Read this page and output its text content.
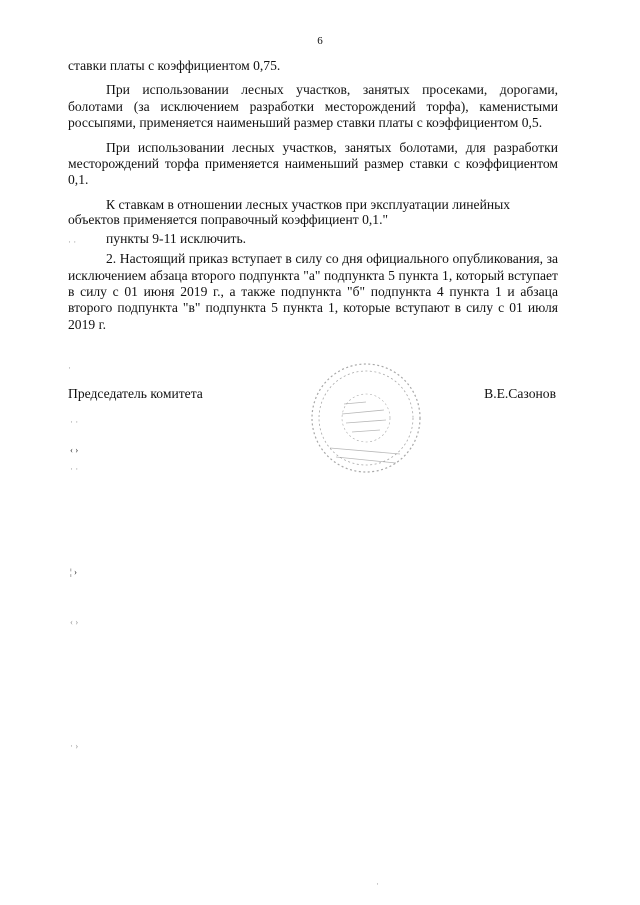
6

ставки платы с коэффициентом 0,75.

При использовании лесных участков, занятых просеками, дорогами, болотами (за исключением разработки месторождений торфа), каменистыми россыпями, применяется наименьший размер ставки платы с коэффициентом 0,5.

При использовании лесных участков, занятых болотами, для разработки месторождений торфа применяется наименьший размер ставки с коэффициентом 0,1.

К ставкам в отношении лесных участков при эксплуатации линейных объектов применяется поправочный коэффициент 0,1."

пункты 9-11 исключить.

2. Настоящий приказ вступает в силу со дня официального опубликования, за исключением абзаца второго подпункта "а" подпункта 5 пункта 1, который вступает в силу с 01 июня 2019 г., а также подпункта "б" подпункта 4 пункта 1 и абзаца второго подпункта "в" подпункта 5 пункта 1, которые вступают в силу с 01 июля 2019 г.

Председатель комитета	В.Е.Сазонов
· ·
·
· ·
‹ ›
· ·
¦ ›
‹ ›
· ›
·
